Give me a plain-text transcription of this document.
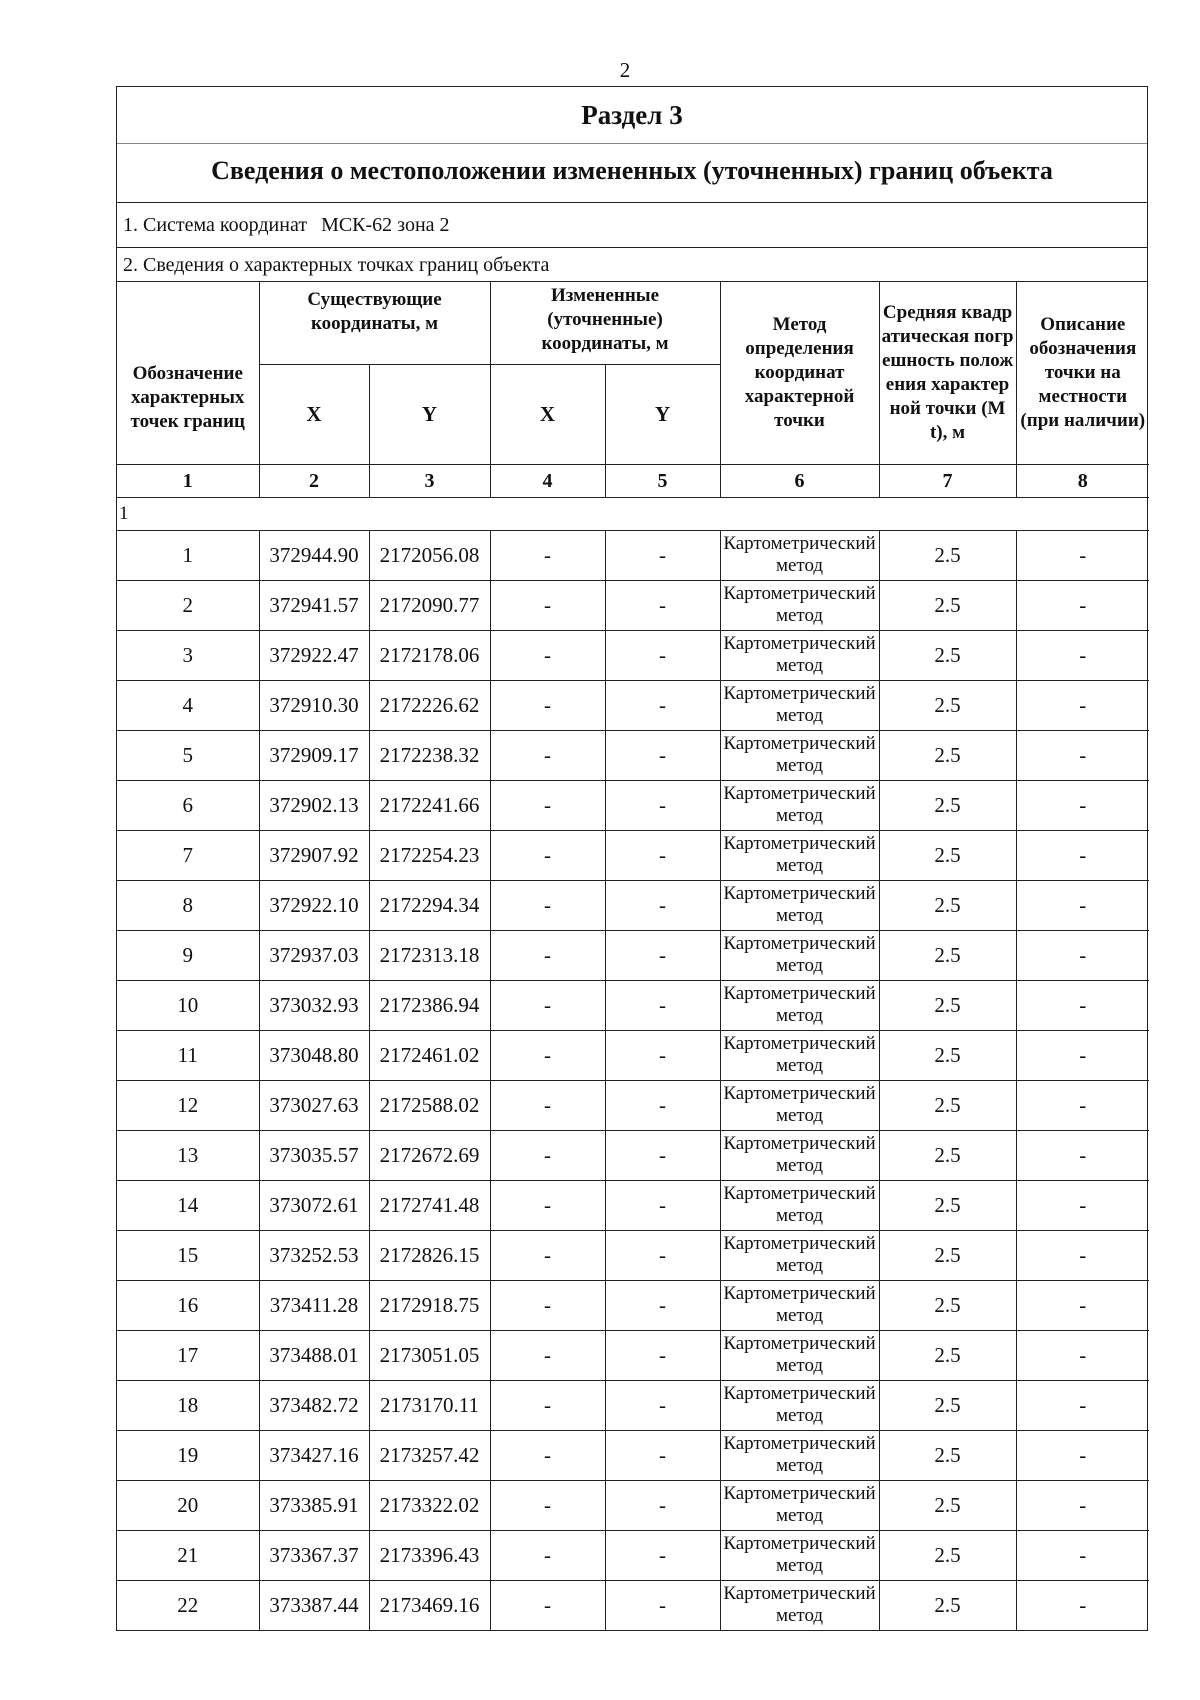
2
Раздел 3
Сведения о местоположении измененных (уточненных) границ объекта
1. Система координат МСК-62 зона 2
2. Сведения о характерных точках границ объекта
Обозначение характерных точек границ	Существующие координаты, м		Измененные (уточненные) координаты, м		Метод определения координат характерной точки	Средняя квадратическая погрешность положения характерной точки (Mt), м	Описание обозначения точки на местности (при наличии)
	X	Y	X	Y			
1	2	3	4	5	6	7	8
1							
1	372944.90	2172056.08	-	-	Картометрический метод	2.5	-
2	372941.57	2172090.77	-	-	Картометрический метод	2.5	-
3	372922.47	2172178.06	-	-	Картометрический метод	2.5	-
4	372910.30	2172226.62	-	-	Картометрический метод	2.5	-
5	372909.17	2172238.32	-	-	Картометрический метод	2.5	-
6	372902.13	2172241.66	-	-	Картометрический метод	2.5	-
7	372907.92	2172254.23	-	-	Картометрический метод	2.5	-
8	372922.10	2172294.34	-	-	Картометрический метод	2.5	-
9	372937.03	2172313.18	-	-	Картометрический метод	2.5	-
10	373032.93	2172386.94	-	-	Картометрический метод	2.5	-
11	373048.80	2172461.02	-	-	Картометрический метод	2.5	-
12	373027.63	2172588.02	-	-	Картометрический метод	2.5	-
13	373035.57	2172672.69	-	-	Картометрический метод	2.5	-
14	373072.61	2172741.48	-	-	Картометрический метод	2.5	-
15	373252.53	2172826.15	-	-	Картометрический метод	2.5	-
16	373411.28	2172918.75	-	-	Картометрический метод	2.5	-
17	373488.01	2173051.05	-	-	Картометрический метод	2.5	-
18	373482.72	2173170.11	-	-	Картометрический метод	2.5	-
19	373427.16	2173257.42	-	-	Картометрический метод	2.5	-
20	373385.91	2173322.02	-	-	Картометрический метод	2.5	-
21	373367.37	2173396.43	-	-	Картометрический метод	2.5	-
22	373387.44	2173469.16	-	-	Картометрический метод	2.5	-
